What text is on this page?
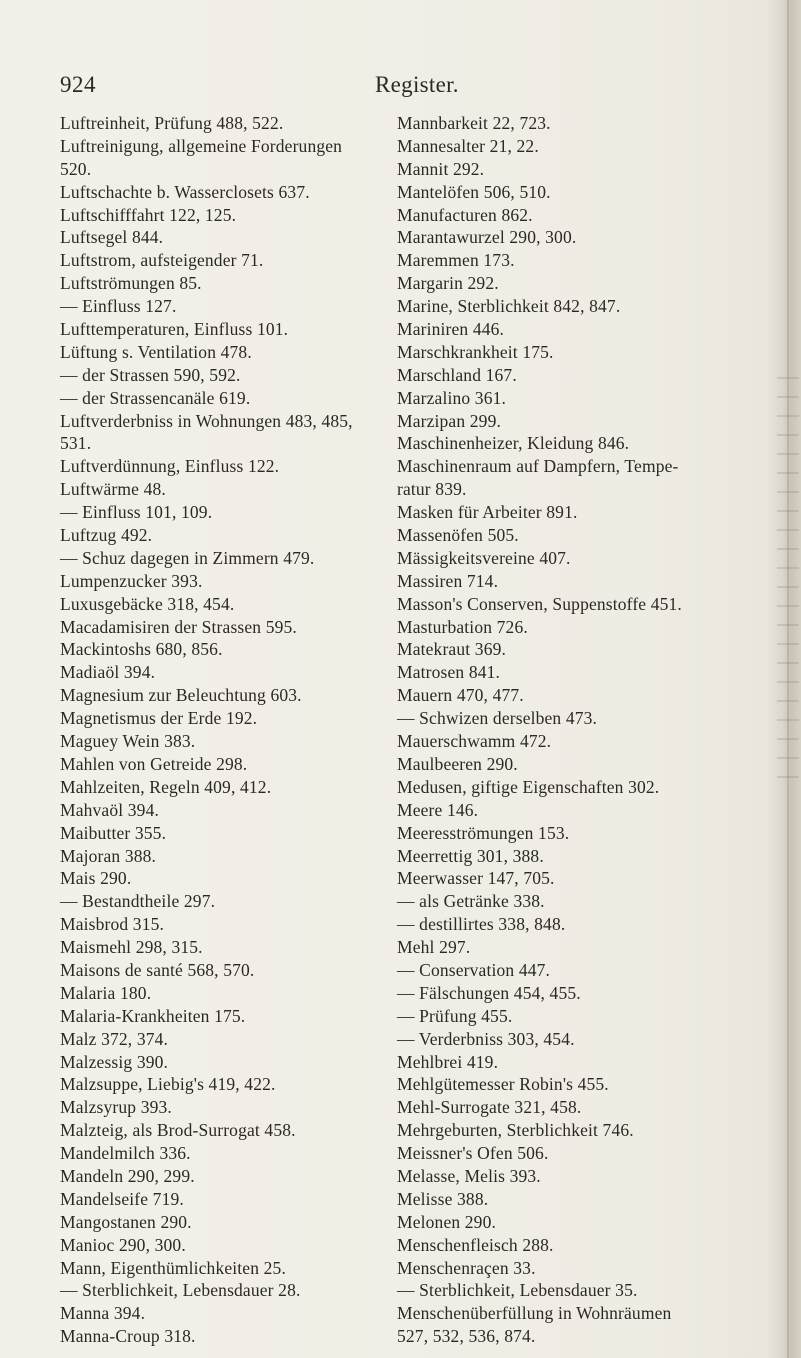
924	Register.
Luftreinheit, Prüfung 488, 522.
Luftreinigung, allgemeine Forderungen
520.
Luftschachte b. Wasserclosets 637.
Luftschifffahrt 122, 125.
Luftsegel 844.
Luftstrom, aufsteigender 71.
Luftströmungen 85.
— Einfluss 127.
Lufttemperaturen, Einfluss 101.
Lüftung s. Ventilation 478.
— der Strassen 590, 592.
— der Strassencanäle 619.
Luftverderbniss in Wohnungen 483, 485,
531.
Luftverdünnung, Einfluss 122.
Luftwärme 48.
— Einfluss 101, 109.
Luftzug 492.
— Schuz dagegen in Zimmern 479.
Lumpenzucker 393.
Luxusgebäcke 318, 454.
Macadamisiren der Strassen 595.
Mackintoshs 680, 856.
Madiaöl 394.
Magnesium zur Beleuchtung 603.
Magnetismus der Erde 192.
Maguey Wein 383.
Mahlen von Getreide 298.
Mahlzeiten, Regeln 409, 412.
Mahvaöl 394.
Maibutter 355.
Majoran 388.
Mais 290.
— Bestandtheile 297.
Maisbrod 315.
Maismehl 298, 315.
Maisons de santé 568, 570.
Malaria 180.
Malaria-Krankheiten 175.
Malz 372, 374.
Malzessig 390.
Malzsuppe, Liebig's 419, 422.
Malzsyrup 393.
Malzteig, als Brod-Surrogat 458.
Mandelmilch 336.
Mandeln 290, 299.
Mandelseife 719.
Mangostanen 290.
Manioc 290, 300.
Mann, Eigenthümlichkeiten 25.
— Sterblichkeit, Lebensdauer 28.
Manna 394.
Manna-Croup 318.
Mannbarkeit 22, 723.
Mannesalter 21, 22.
Mannit 292.
Mantelöfen 506, 510.
Manufacturen 862.
Marantawurzel 290, 300.
Maremmen 173.
Margarin 292.
Marine, Sterblichkeit 842, 847.
Mariniren 446.
Marschkrankheit 175.
Marschland 167.
Marzalino 361.
Marzipan 299.
Maschinenheizer, Kleidung 846.
Maschinenraum auf Dampfern, Tempe-
ratur 839.
Masken für Arbeiter 891.
Massenöfen 505.
Mässigkeitsvereine 407.
Massiren 714.
Masson's Conserven, Suppenstoffe 451.
Masturbation 726.
Matekraut 369.
Matrosen 841.
Mauern 470, 477.
— Schwizen derselben 473.
Mauerschwamm 472.
Maulbeeren 290.
Medusen, giftige Eigenschaften 302.
Meere 146.
Meeresströmungen 153.
Meerrettig 301, 388.
Meerwasser 147, 705.
— als Getränke 338.
— destillirtes 338, 848.
Mehl 297.
— Conservation 447.
— Fälschungen 454, 455.
— Prüfung 455.
— Verderbniss 303, 454.
Mehlbrei 419.
Mehlgütemesser Robin's 455.
Mehl-Surrogate 321, 458.
Mehrgeburten, Sterblichkeit 746.
Meissner's Ofen 506.
Melasse, Melis 393.
Melisse 388.
Melonen 290.
Menschenfleisch 288.
Menschenraçen 33.
— Sterblichkeit, Lebensdauer 35.
Menschenüberfüllung in Wohnräumen
527, 532, 536, 874.
